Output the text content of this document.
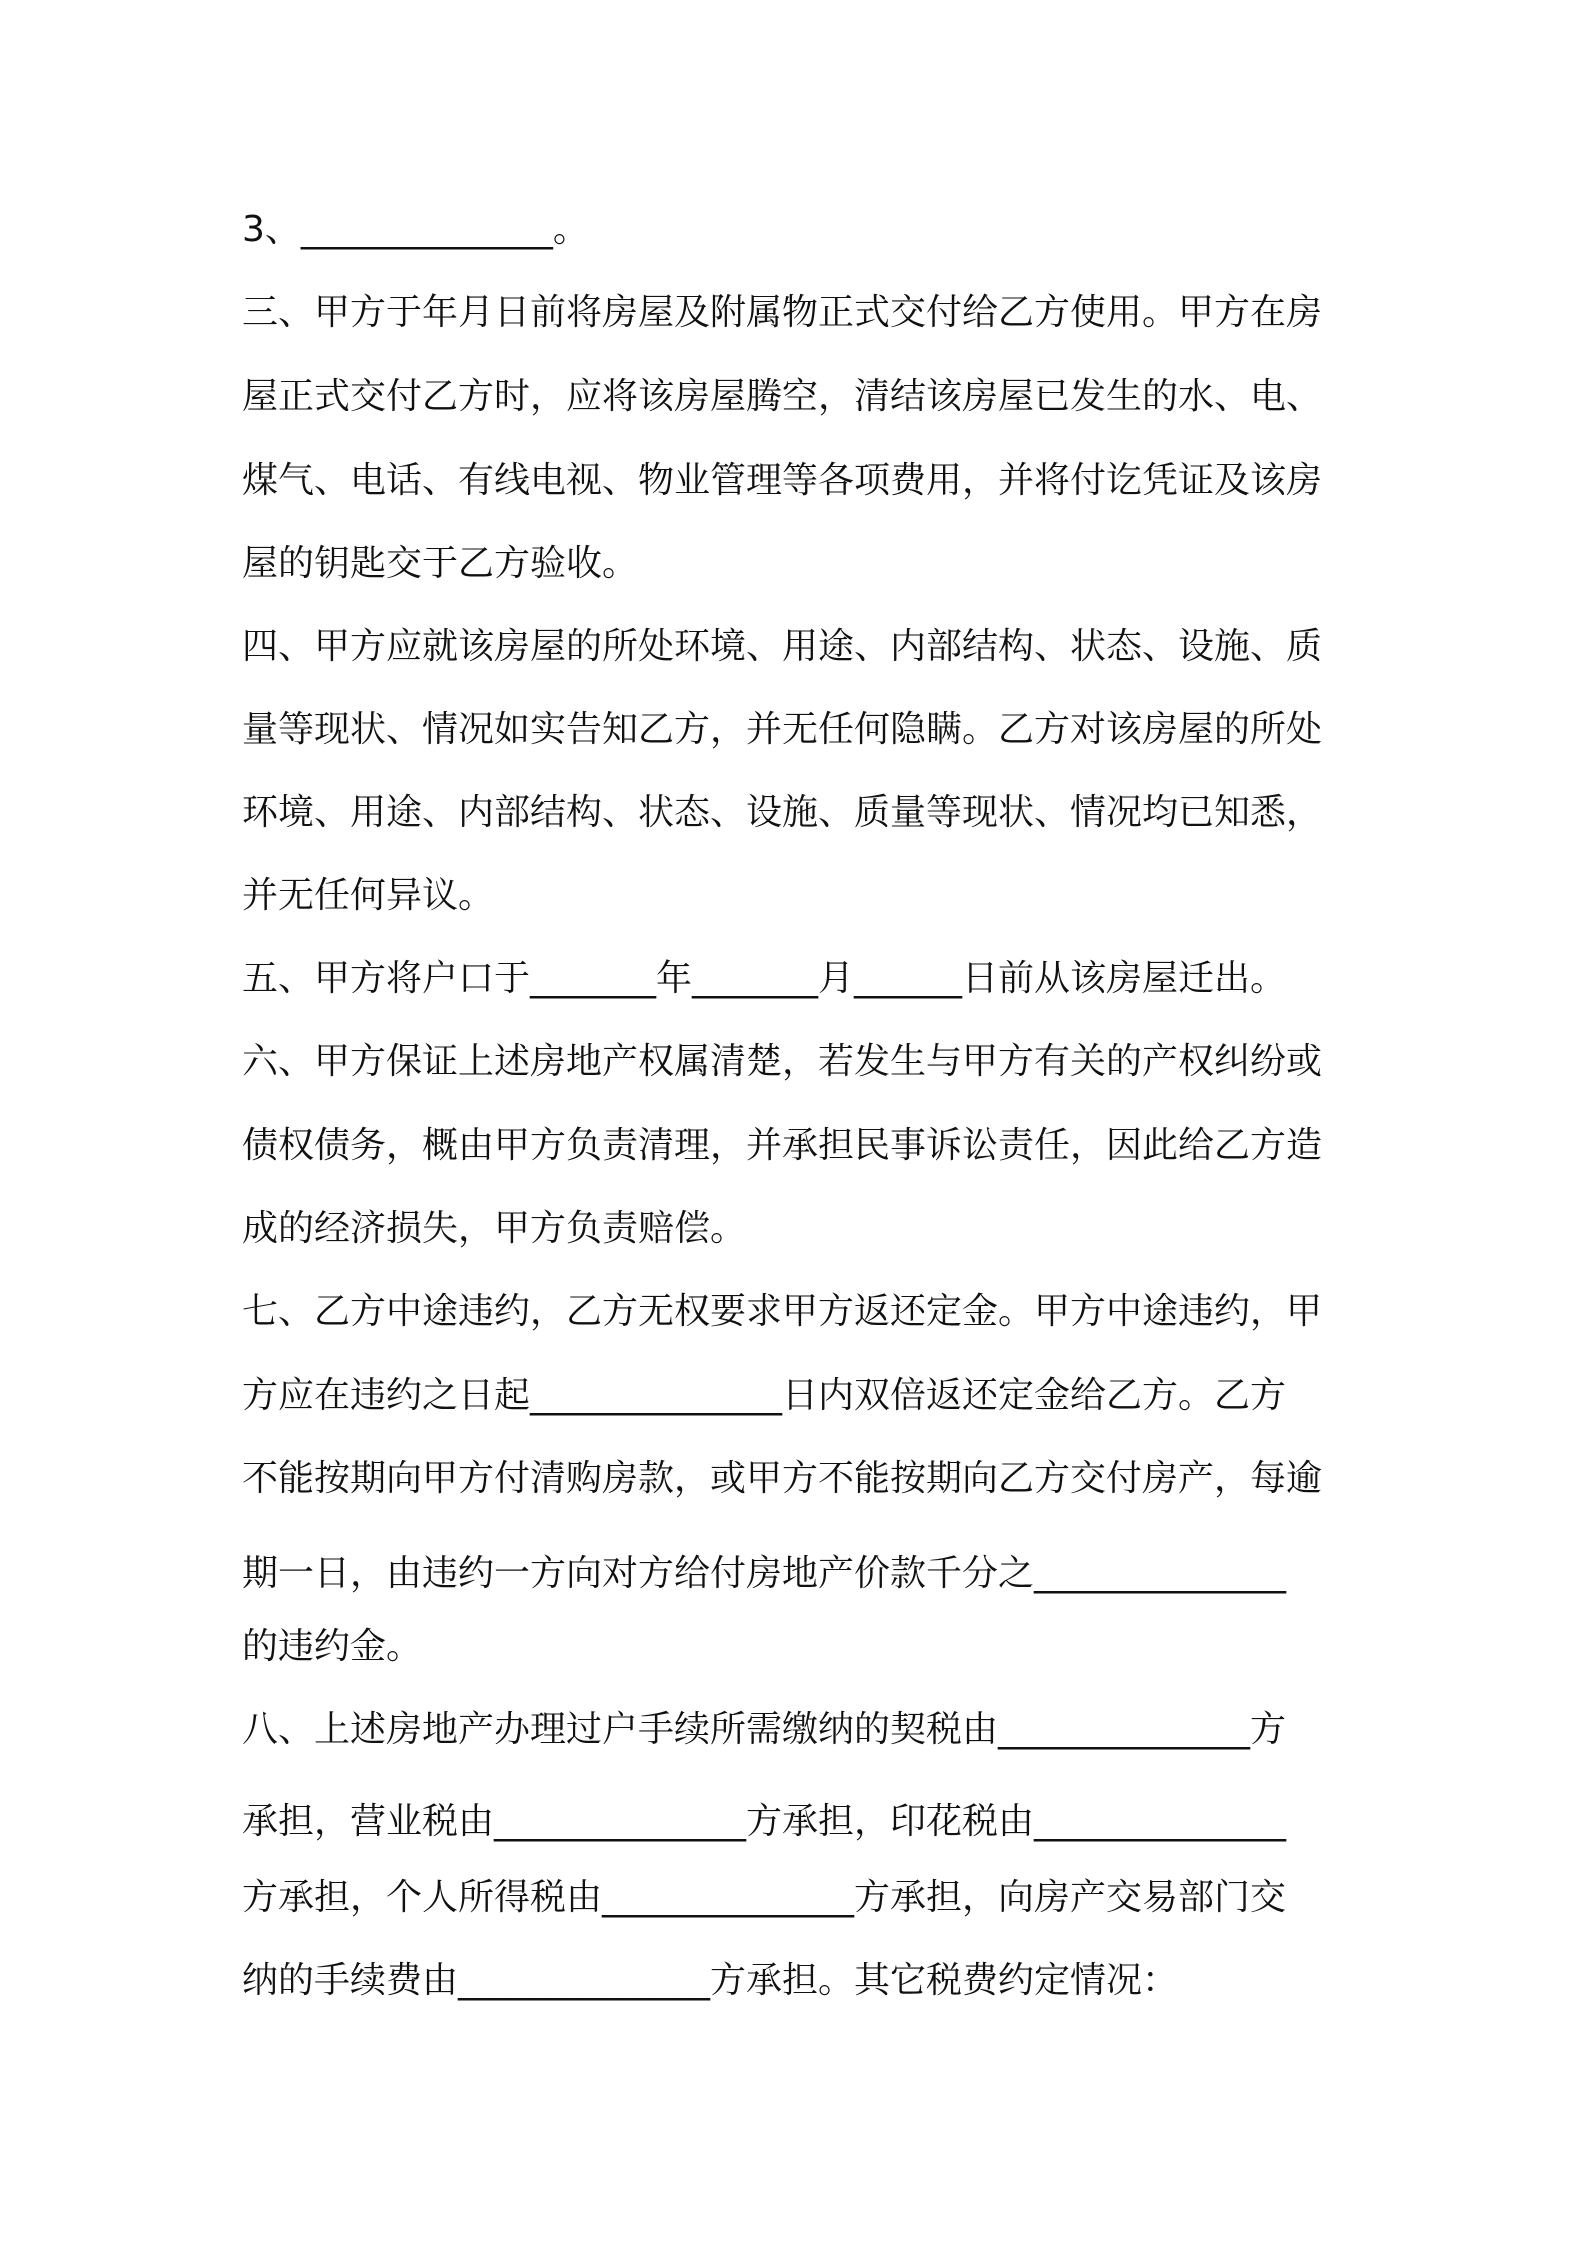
3、______________。

三、甲方于年月日前将房屋及附属物正式交付给乙方使用。甲方在房

屋正式交付乙方时，应将该房屋腾空，清结该房屋已发生的水、电、

煤气、电话、有线电视、物业管理等各项费用，并将付讫凭证及该房

屋的钥匙交于乙方验收。

四、甲方应就该房屋的所处环境、用途、内部结构、状态、设施、质

量等现状、情况如实告知乙方，并无任何隐瞒。乙方对该房屋的所处

环境、用途、内部结构、状态、设施、质量等现状、情况均已知悉，

并无任何异议。

五、甲方将户口于_______年_______月______日前从该房屋迁出。

六、甲方保证上述房地产权属清楚，若发生与甲方有关的产权纠纷或

债权债务，概由甲方负责清理，并承担民事诉讼责任，因此给乙方造

成的经济损失，甲方负责赔偿。

七、乙方中途违约，乙方无权要求甲方返还定金。甲方中途违约，甲

方应在违约之日起______________日内双倍返还定金给乙方。乙方

不能按期向甲方付清购房款，或甲方不能按期向乙方交付房产，每逾

期一日，由违约一方向对方给付房地产价款千分之______________

的违约金。

八、上述房地产办理过户手续所需缴纳的契税由______________方

承担，营业税由______________方承担，印花税由______________

方承担，个人所得税由______________方承担，向房产交易部门交

纳的手续费由______________方承担。其它税费约定情况：
